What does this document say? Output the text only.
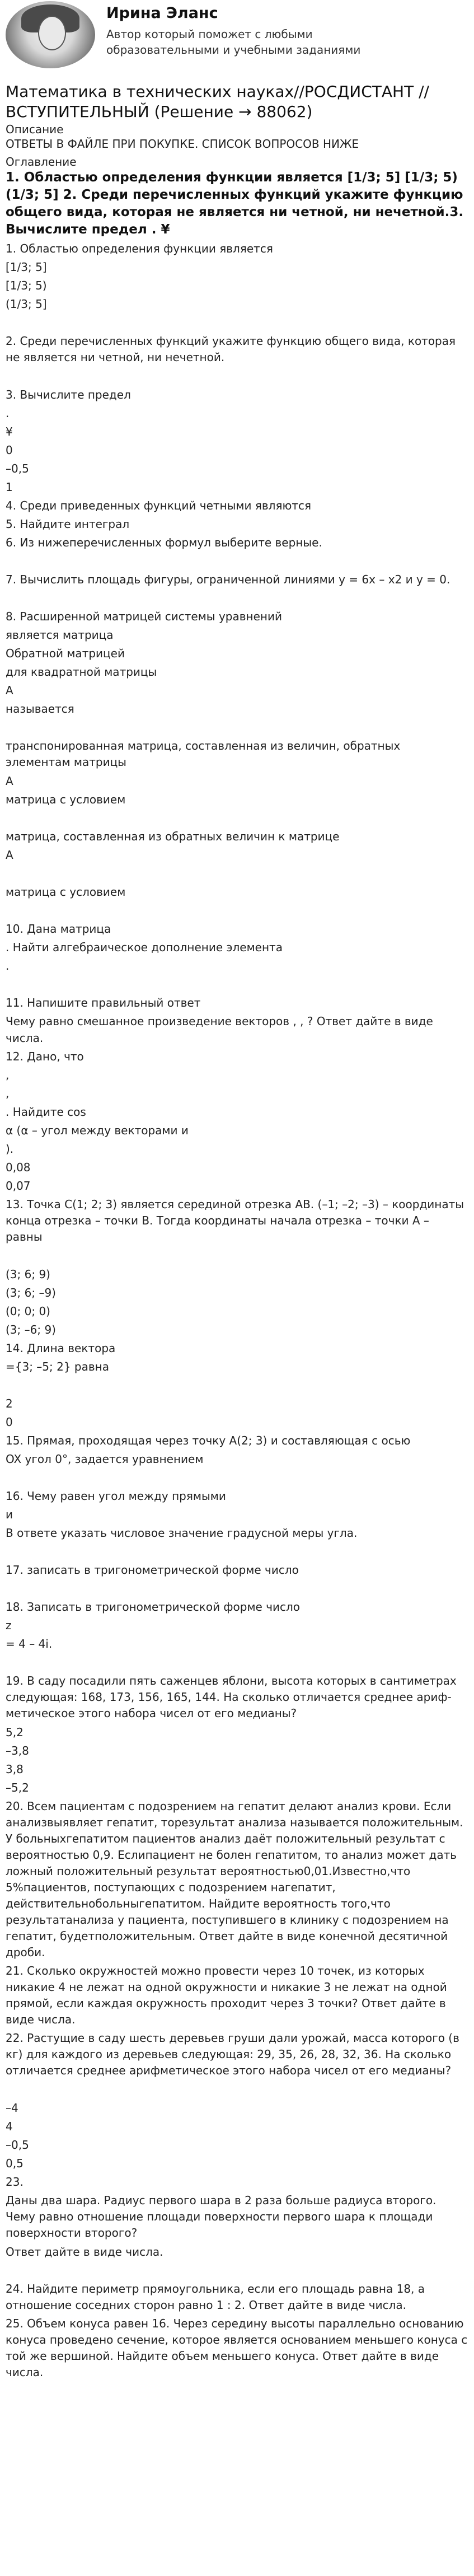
Ирина Эланс
Автор который поможет с любыми образовательными и учебными заданиями
Математика в технических науках//РОСДИСТАНТ //ВСТУПИТЕЛЬНЫЙ (Решение → 88062)
Описание
ОТВЕТЫ В ФАЙЛЕ ПРИ ПОКУПКЕ. СПИСОК ВОПРОСОВ НИЖЕ
Оглавление
1. Областью определения функции является [1/3; 5] [1/3; 5) (1/3; 5] 2. Среди перечисленных функций укажите функцию общего вида, которая не является ни четной, ни нечетной.3. Вычислите предел . ¥
1. Областью определения функции является
[1/3; 5]
[1/3; 5)
(1/3; 5]
2. Среди перечисленных функций укажите функцию общего вида, которая не является ни четной, ни нечетной.
3. Вычислите предел
.
¥
0
–0,5
1
4. Среди приведенных функций четными являются
5. Найдите интеграл
6. Из нижеперечисленных формул выберите верные.
7. Вычислить площадь фигуры, ограниченной линиями y = 6x – x2 и y = 0.
8. Расширенной матрицей системы уравнений
является матрица
Обратной матрицей
для квадратной матрицы
A
называется
транспонированная матрица, составленная из величин, обратных элементам матрицы
A
матрица с условием
матрица, составленная из обратных величин к матрице
A
матрица с условием
10. Дана матрица
. Найти алгебраическое дополнение элемента
.
11. Напишите правильный ответ
Чему равно смешанное произведение векторов , , ? Ответ дайте в виде числа.
12. Дано, что
,
,
. Найдите cos
α (α – угол между векторами и
).
0,08
0,07
13. Точка C(1; 2; 3) является серединой отрезка AB. (–1; –2; –3) – координаты конца отрезка – точки B. Тогда координаты начала отрезка – точки A – равны
(3; 6; 9)
(3; 6; –9)
(0; 0; 0)
(3; –6; 9)
14. Длина вектора
={3; –5; 2} равна
2
0
15. Прямая, проходящая через точку A(2; 3) и составляющая с осью
OX угол 0°, задается уравнением
16. Чему равен угол между прямыми
и
В ответе указать числовое значение градусной меры угла.
17. записать в тригонометрической форме число
18. Записать в тригонометрической форме число
z
= 4 – 4i.
19. В саду посадили пять саженцев яблони, высота которых в сантиметрах следующая: 168, 173, 156, 165, 144. На сколько отличается среднее ариф-метическое этого набора чисел от его медианы?
5,2
–3,8
3,8
–5,2
20. Всем пациентам с подозрением на гепатит делают анализ крови. Если анализвыявляет гепатит, торезультат анализа называется положительным. У больныхгепатитом пациентов анализ даёт положительный результат с вероятностью 0,9. Еслипациент не болен гепатитом, то анализ может дать ложный положительный результат вероятностью0,01.Известно,что 5%пациентов, поступающих с подозрением нагепатит, действительнобольныгепатитом. Найдите вероятность того,что результатанализа у пациента, поступившего в клинику с подозрением на гепатит, будетположительным. Ответ дайте в виде конечной десятичной дроби.
21. Сколько окружностей можно провести через 10 точек, из которых никакие 4 не лежат на одной окружности и никакие 3 не лежат на одной прямой, если каждая окружность проходит через 3 точки? Ответ дайте в виде числа.
22. Растущие в саду шесть деревьев груши дали урожай, масса которого (в кг) для каждого из деревьев следующая: 29, 35, 26, 28, 32, 36. На сколько отличается среднее арифметическое этого набора чисел от его медианы?
–4
4
–0,5
0,5
23.
Даны два шара. Радиус первого шара в 2 раза больше радиуса второго. Чему равно отношение площади поверхности первого шара к площади поверхности второго?
Ответ дайте в виде числа.
24. Найдите периметр прямоугольника, если его площадь равна 18, а отношение соседних сторон равно 1 : 2. Ответ дайте в виде числа.
25. Объем конуса равен 16. Через середину высоты параллельно основанию конуса проведено сечение, которое является основанием меньшего конуса с той же вершиной. Найдите объем меньшего конуса. Ответ дайте в виде числа.
